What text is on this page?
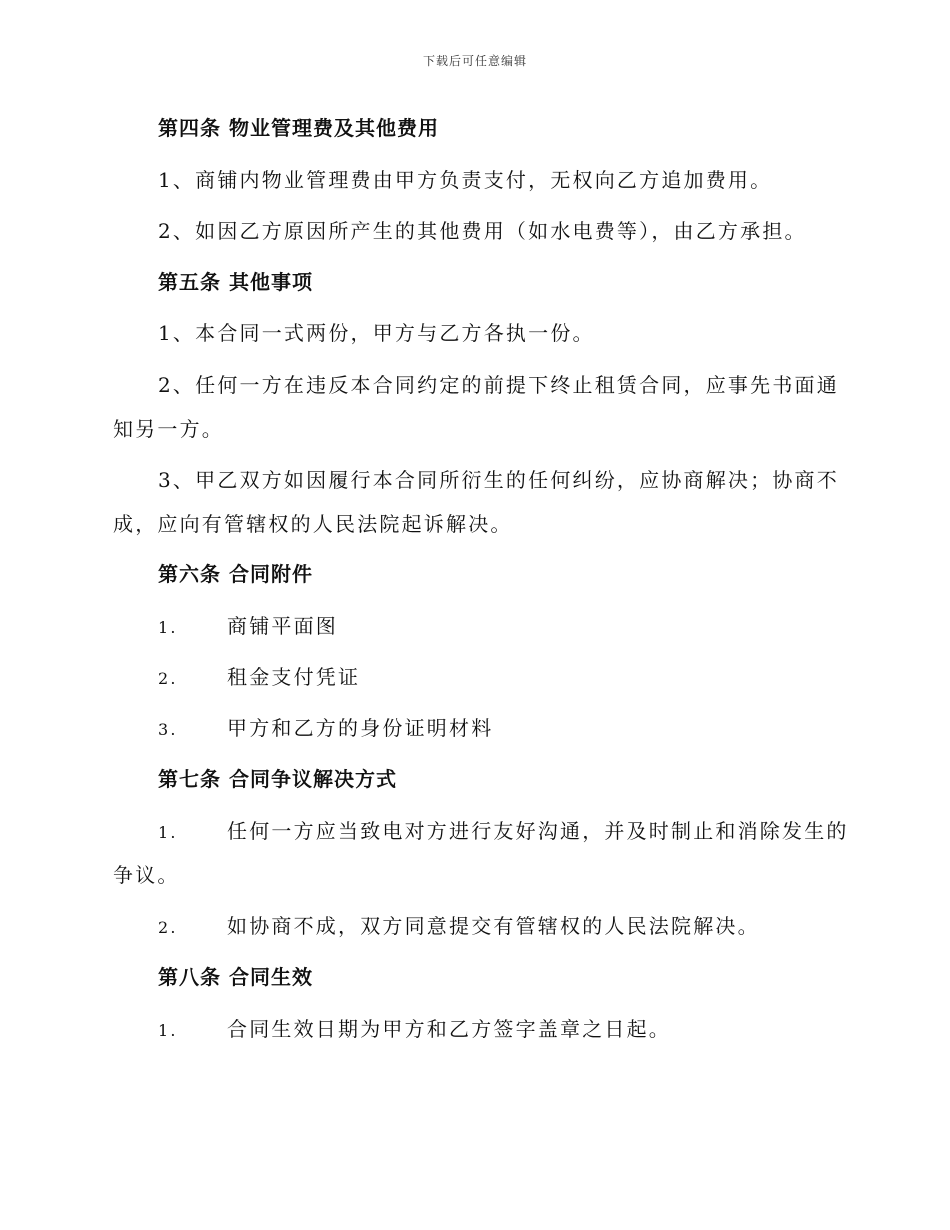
下载后可任意编辑
第四条 物业管理费及其他费用
1、商铺内物业管理费由甲方负责支付，无权向乙方追加费用。
2、如因乙方原因所产生的其他费用（如水电费等），由乙方承担。
第五条 其他事项
1、本合同一式两份，甲方与乙方各执一份。
2、任何一方在违反本合同约定的前提下终止租赁合同，应事先书面通
知另一方。
3、甲乙双方如因履行本合同所衍生的任何纠纷，应协商解决；协商不
成，应向有管辖权的人民法院起诉解决。
第六条 合同附件
1. 商铺平面图
2. 租金支付凭证
3. 甲方和乙方的身份证明材料
第七条 合同争议解决方式
1. 任何一方应当致电对方进行友好沟通，并及时制止和消除发生的
争议。
2. 如协商不成，双方同意提交有管辖权的人民法院解决。
第八条 合同生效
1. 合同生效日期为甲方和乙方签字盖章之日起。
